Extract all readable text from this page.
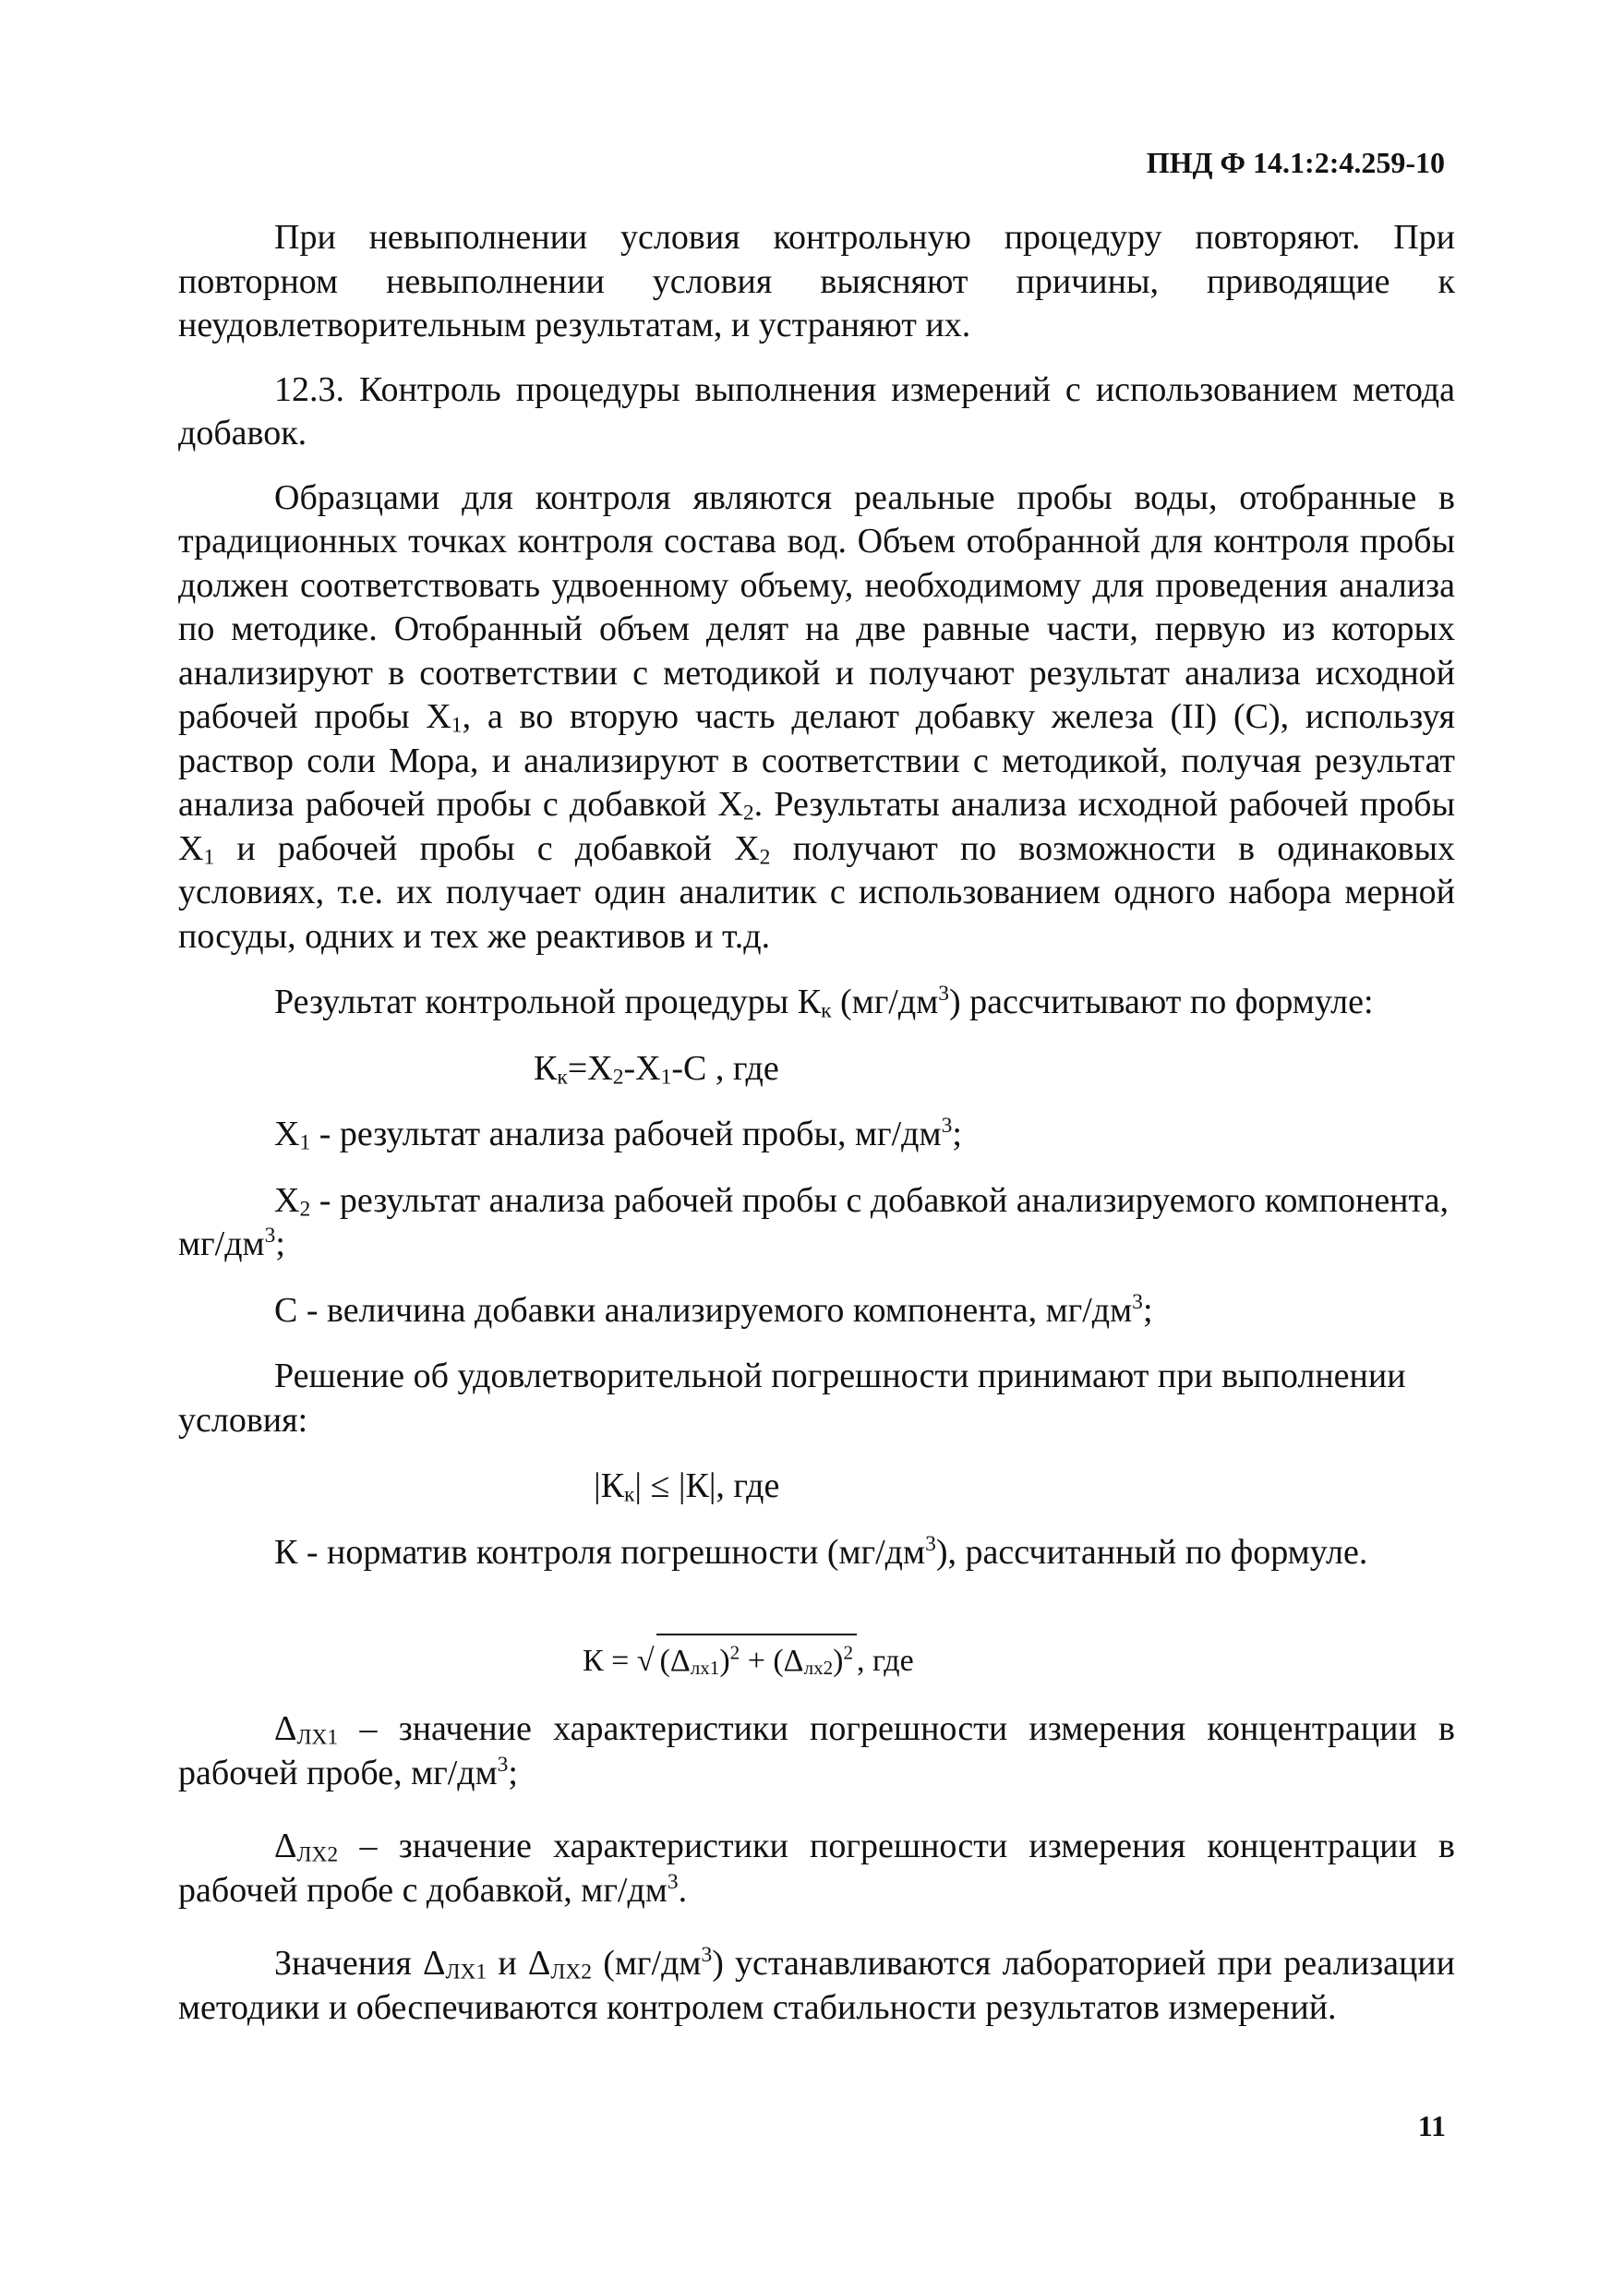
ПНД Ф 14.1:2:4.259-10

При невыполнении условия контрольную процедуру повторяют. При повторном невыполнении условия выясняют причины, приводящие к неудовлетворительным результатам, и устраняют их.

12.3. Контроль процедуры выполнения измерений с использованием метода добавок.

Образцами для контроля являются реальные пробы воды, отобранные в традиционных точках контроля состава вод. Объем отобранной для контроля пробы должен соответствовать удвоенному объему, необходимому для проведения анализа по методике. Отобранный объем делят на две равные части, первую из которых анализируют в соответствии с методикой и получают результат анализа исходной рабочей пробы $X_1$, а во вторую часть делают добавку железа (II) (С), используя раствор соли Мора, и анализируют в соответствии с методикой, получая результат анализа рабочей пробы с добавкой $X_2$. Результаты анализа исходной рабочей пробы $X_1$ и рабочей пробы с добавкой $X_2$ получают по возможности в одинаковых условиях, т.е. их получает один аналитик с использованием одного набора мерной посуды, одних и тех же реактивов и т.д.

Результат контрольной процедуры $К_к$ $(мг/дм^3)$ рассчитывают по формуле:

$К_к=X_2-X_1-С$ , где

$X_1$ - результат анализа рабочей пробы, $мг/дм^3$;

$X_2$ - результат анализа рабочей пробы с добавкой анализируемого компонента, $мг/дм^3$;

С - величина добавки анализируемого компонента, $мг/дм^3$;

Решение об удовлетворительной погрешности принимают при выполнении условия:

$|К_к| \le |К|$, где

К - норматив контроля погрешности $(мг/дм^3)$, рассчитанный по формуле.

К = √ $(\Delta_{лх1})^2 + (\Delta_{лх2})^2$ , где

$\Delta_{ЛX1}$ – значение характеристики погрешности измерения концентрации в рабочей пробе, $мг/дм^3$;

$\Delta_{ЛX2}$ – значение характеристики погрешности измерения концентрации в рабочей пробе с добавкой, $мг/дм^3$.

Значения $\Delta_{ЛX1}$ и $\Delta_{ЛX2}$ $(мг/дм^3)$ устанавливаются лабораторией при реализации методики и обеспечиваются контролем стабильности результатов измерений.

11
